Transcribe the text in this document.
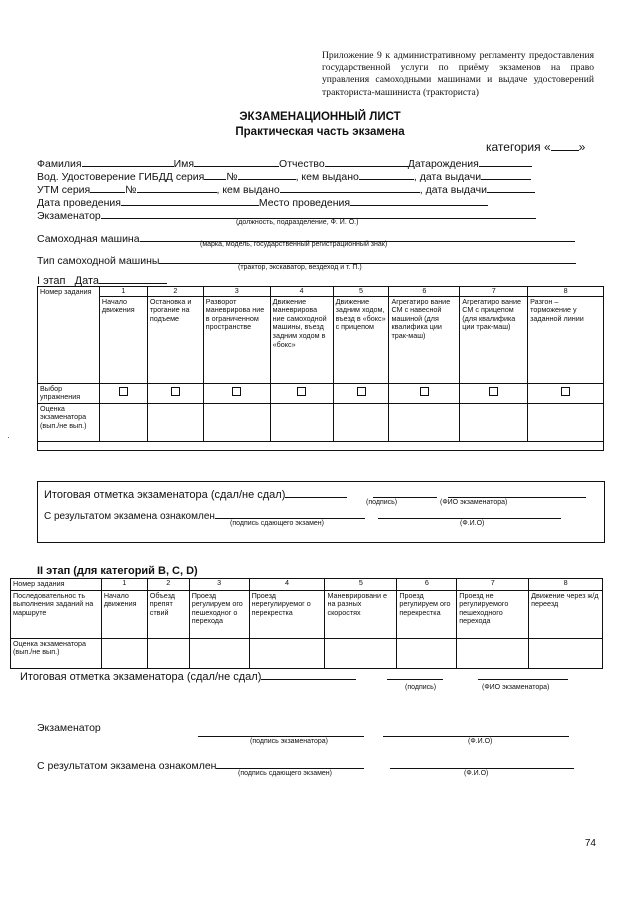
Приложение 9 к административному регламенту предоставления государственной услуги по приёму экзаменов на право управления самоходными машинами и выдаче удостоверений тракториста-машиниста (тракториста)
ЭКЗАМЕНАЦИОННЫЙ ЛИСТ
Практическая часть экзамена
категория « »
Фамилия	Имя	Отчество	Датарождения
Вод. Удостоверение ГИБДД серия №	, кем выдано	, дата выдачи
УТМ серия	№	, кем выдано	, дата выдачи
Дата проведения	Место проведения
Экзаменатор
(должность, подразделение, Ф. И. О.)
Самоходная машина	(марка, модель, государственный регистрационный знак)
Тип самоходной машины
(трактор, экскаватор, вездеход и т. П.)
I этап Дата
Номер задания	1	2	3	4	5	6	7	8
	Начало движения	Остановка и трогание на подъеме	Разворот маневрирова ние в ограниченном пространстве	Движение маневрирова ние самоходной машины, въезд задним ходом в «бокс»	Движение задним ходом, въезд в «бокс» с прицепом	Агрегатиро вание СМ с навесной машиной (для квалифика ции трак-маш)	Агрегатиро вание СМ с прицепом (для квалифика ции трак-маш)	Разгон – торможение у заданной линии
Выбор упражнения								
Оценка экзаменатора (вып./не вып.)								

Итоговая отметка экзаменатора (сдал/не сдал)
(подпись)	(ФИО экзаменатора)
С результатом экзамена ознакомлен
(подпись сдающего экзамен)	(Ф.И.О)
II этап (для категорий В, С, D)
Номер задания	1	2	3	4	5	6	7	8
Последовательнос ть выполнения заданий на маршруте	Начало движения	Объезд препят ствий	Проезд регулируем ого пешеходног о перехода	Проезд нерегулируемог о перекрестка	Маневрировани е на разных скоростях	Проезд регулируем ого перекрестка	Проезд не регулируемого пешеходного перехода	Движение через ж/д переезд
Оценка экзаменатора (вып./не вып.)								
Итоговая отметка экзаменатора (сдал/не сдал)
(подпись)	(ФИО экзаменатора)
Экзаменатор
(подпись экзаменатора)	(Ф.И.О)
С результатом экзамена ознакомлен
(подпись сдающего экзамен)	(Ф.И.О)
74
